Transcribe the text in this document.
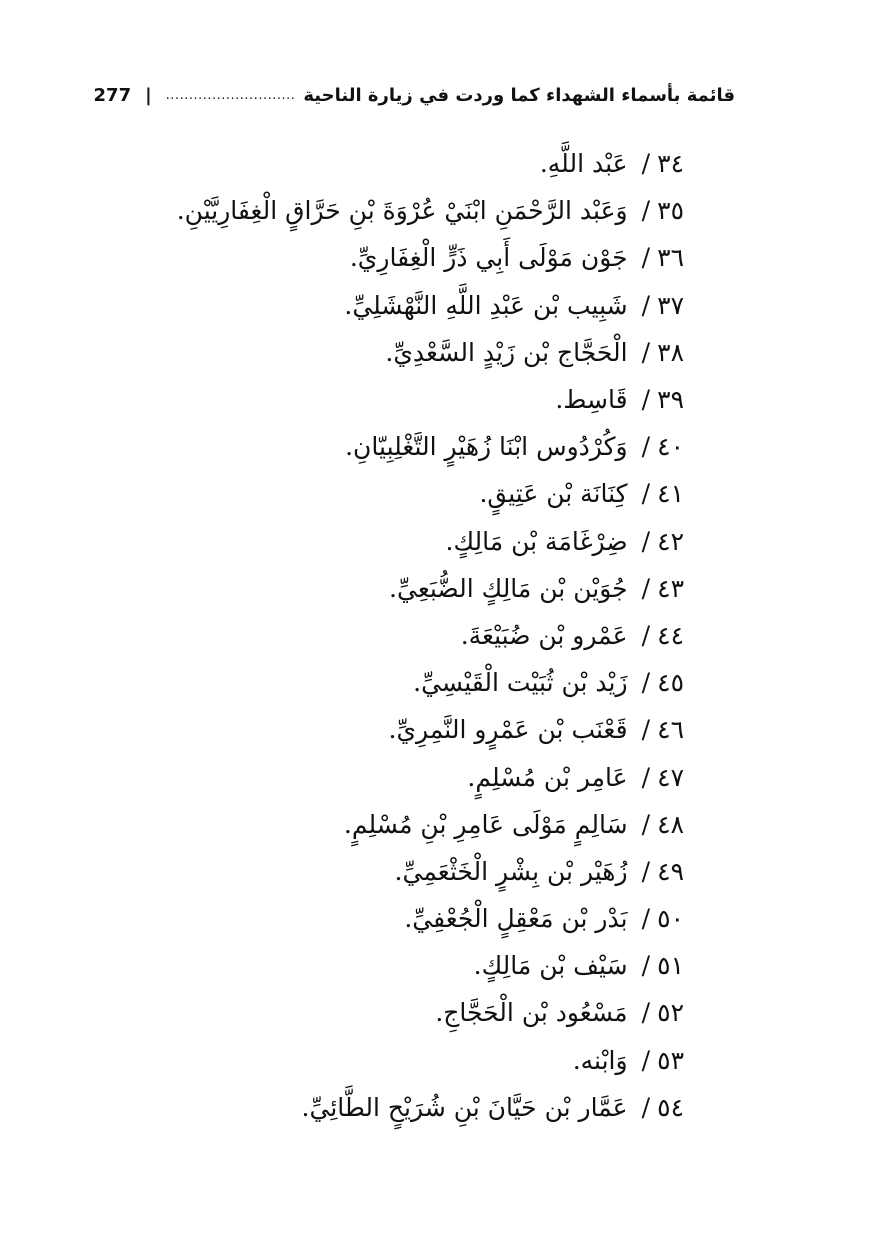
قائمة بأسماء الشهداء كما وردت في زيارة الناحية
............................
|
277
٣٤
/
عَبْد اللَّهِ.
٣٥
/
وَعَبْد الرَّحْمَنِ ابْنَيْ عُرْوَةَ بْنِ حَرَّاقٍ الْغِفَارِيَّيْنِ.
٣٦
/
جَوْن مَوْلَى أَبِي ذَرٍّ الْغِفَارِيِّ.
٣٧
/
شَبِيب بْن عَبْدِ اللَّهِ النَّهْشَلِيِّ.
٣٨
/
الْحَجَّاج بْن زَيْدٍ السَّعْدِيِّ.
٣٩
/
قَاسِط.
٤٠
/
وَكُرْدُوس ابْنَا زُهَيْرٍ التَّغْلِبِيّانِ.
٤١
/
كِنَانَة بْن عَتِيقٍ.
٤٢
/
ضِرْغَامَة بْن مَالِكٍ.
٤٣
/
جُوَيْن بْن مَالِكٍ الضُّبَعِيِّ.
٤٤
/
عَمْرو بْن ضُبَيْعَةَ.
٤٥
/
زَيْد بْن ثُبَيْت الْقَيْسِيِّ.
٤٦
/
قَعْنَب بْن عَمْرٍو النَّمِرِيِّ.
٤٧
/
عَامِر بْن مُسْلِمٍ.
٤٨
/
سَالِمٍ مَوْلَى عَامِرِ بْنِ مُسْلِمٍ.
٤٩
/
زُهَيْر بْن بِشْرٍ الْخَثْعَمِيِّ.
٥٠
/
بَدْر بْن مَعْقِلٍ الْجُعْفِيِّ.
٥١
/
سَيْف بْن مَالِكٍ.
٥٢
/
مَسْعُود بْن الْحَجَّاجِ.
٥٣
/
وَابْنه.
٥٤
/
عَمَّار بْن حَيَّانَ بْنِ شُرَيْحٍ الطَّائِيِّ.
